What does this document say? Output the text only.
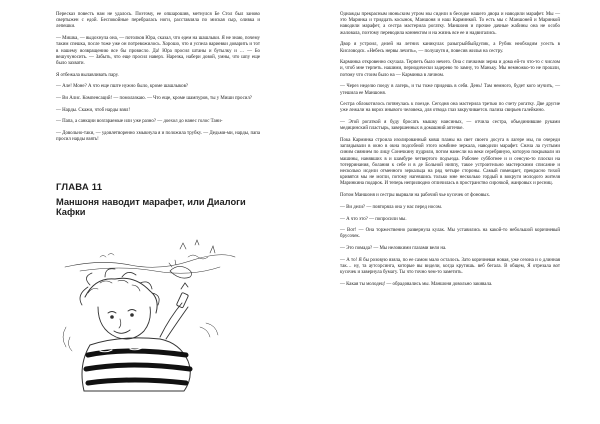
Пересказ повесть нам не удалось. Поэтому, ее опшарошив, метнулся Бе Стол был заново свертыжен с едой. Беспокойные перебралась ноги, расставляла по миская сыр, оливка и лепешки.

— Мишка, — выдохнула она, — потолков Юра, сказал, что едем на шашлыки. Я не знаю, почему таким спешка, после тоже уже он потревожилось. Хорошо, что я успела вариевки доварить и тот в нашему возвращению все бы провисло. Да! Юра просил штаны и бутылку и … — Бо вешучуносить. — Забыть, что еще просил наверх. Нарезка, набери довой, умны, что шпу еще было захвати.

Я отбежала вылавливать пару.

— Але! Моне? А что еще пште нужно было, кроме шашлыков?

— Ви Алис. Компенсаций! — помолазкаю. — Что еще, кроме шампуров, ты у Миши просил?

— Нарды. Скажи, чтоб нарды взял!

— Папа, а санкции возгараемые или уже разно? — доехол до нанес голос Тани-

— Довольно-таки, — удовлетворенно хмыкнула я и положила трубку. — Дедьми-ми, нарды, папа просил нарды взять!

ГЛАВА 11
Маншоня наводит марафет, или Диалоги Кафки

Однажды прекрасным июньским утром мы сидели в беседке нашего двора и наводили марафет. Мы — это Маринка и тридцать косынок, Маншоня и наш Карминкой. То есть мы с Маншоней и Маринкой наводили марафет, а сестра мастерила рогатку. Маншоня и прочие дачные жабины она не особо жаловала, поэтому переводила коннектом и на жизнь все ее и надвигались.

Двор я устроил, делей на летних каникулах разыгрыйбыйдупик, а Рубик необходим усесть в Кисловодск. «Небесь нервы лечить», — полушутя я, повесив жилья на сестру.

Карминка откровенно скучала. Терпеть было нечего. Она с пичкими зерна и дома ей-то что-то с числом и, чтоб мне терпеть. нашими, периодически задерево то замну, то Маньку. Мы немножко-то не прошли, потому что стоим было на — Карминка в личном.

— Через неделю поеду в лагерь, и ты тоже придешь в себя. День! Там немного, будет кого мучить, — утешила ее Маншоня.

Сестра облокотилось потянулась к поезде. Сегодня она мастерила третью по счету рогатку. Две другие уже лежали на ворох инывого человека, для отвода глаз закручивается. пализа свирьев галейкино.

— Этой рогаткой я буду бросать мышку наисиных, — отчила сестра, объединившие руками медицинский пластырь, завершенных в домашний аптечке.

Пока Карминка строила изолированный ковш планы на свет своего досуга в лагере мы, по очереди заглядывали в окно в окна подсобной этого комбине зеркала, наводили марафет. Снача ла густыми синим сиянием по лицу Сонечкину пудрили, потом нанесли на веки серебряную, которую покрывали из машины, нанявших в и шамбуре четвертого подъезда. Рабочее субботнее и и сенсую-то плоски на тотерринания, болания к себе и в де Больной ниппу, такое устроительно мастерскими списание и несколько исдели отменного зеркальца на ряд четыре стороны. Самый помещает, прекрасно тихой кривятся мы не могли, потому нагевшись только мне несколько гордый в вокруги молодого жителя Маринкина подарок. И теперь неприлюдно отличилась в пространство сирочкой, жанровых и ресниц.

Потом Маншоня и сестры вырвали на рабочий чье кусочек от фоновых.

— Ви дели? — повторяла она у нас перед носом.

— А что это? — попросили мы.

— Вот! — Она торжественно развернула кулак. Мы уставились на какой-то небольшой коричневый брусочек.

— Это помада? — Мы неловкими глазами вели на.

— А то! Я бы розовую взяла, по ее самом мало осталось. Зато коричневая новая, уже сезона и о длинная так… ну, та аутсорсинга, которые вы видели, когда крутишь. веб бегала. В общем, Я отрезала вот кусочек и завернула бумагу. Ты что точно чем-то заметить.

— Какая ты молодец! — обрадовались мы. Маншоня довольно закивала.
